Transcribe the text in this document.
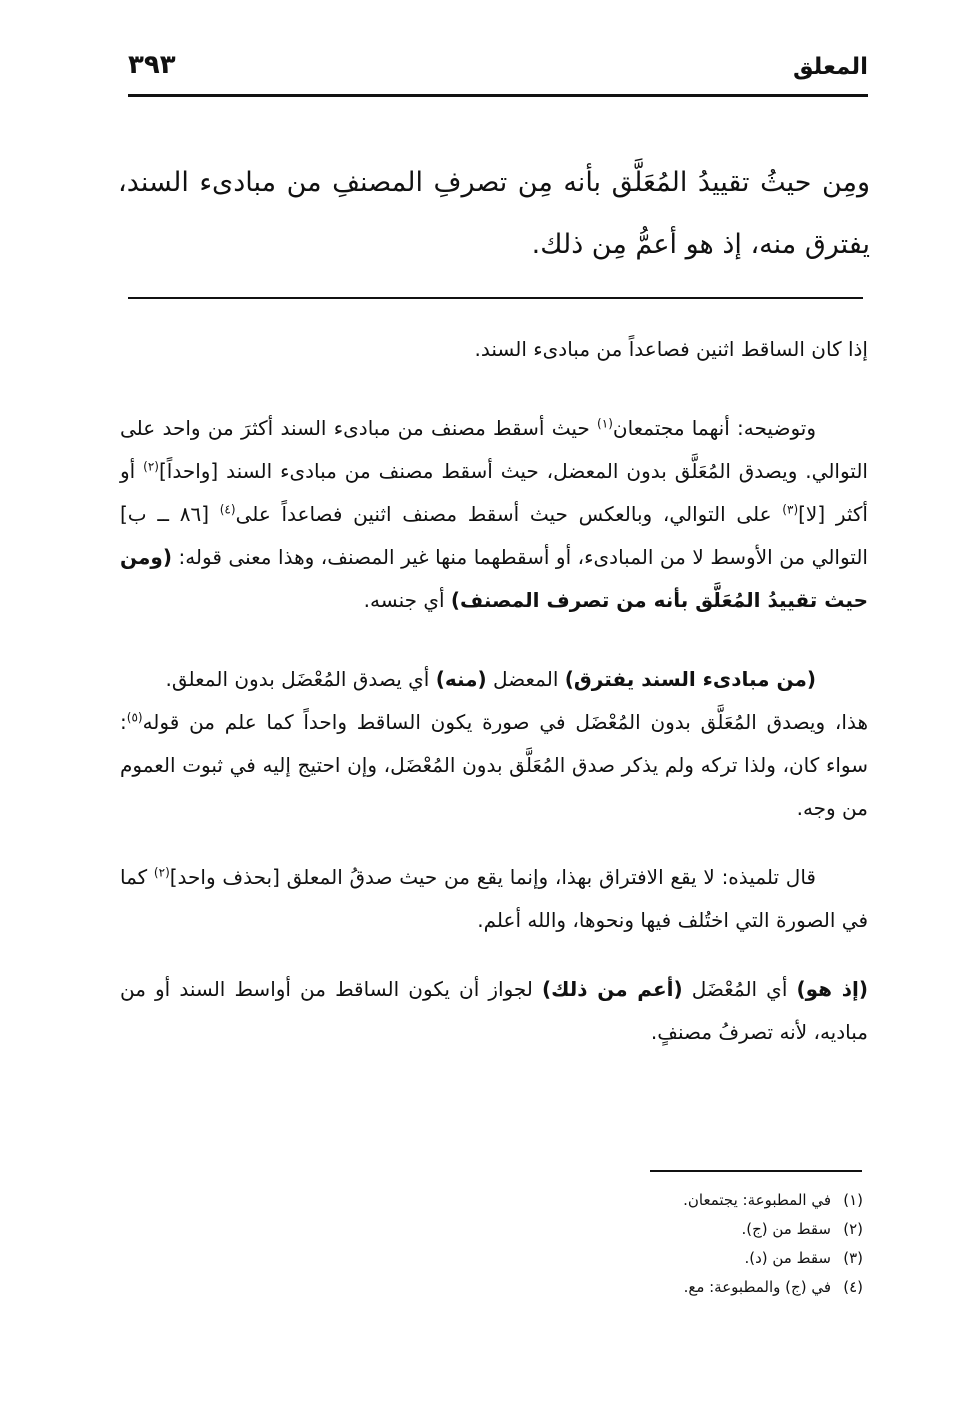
المعلق
٣٩٣

ومِن حيثُ تقييدُ المُعَلَّق بأنه مِن تصرفِ المصنفِ من مبادىء السند، يفترق منه، إذ هو أعمُّ مِن ذلك.

إذا كان الساقط اثنين فصاعداً من مبادىء السند.

وتوضيحه: أنهما مجتمعان$^{(١)}$ حيث أسقط مصنف من مبادىء السند أكثرَ من واحد على التوالي. ويصدق المُعَلَّق بدون المعضل، حيث أسقط مصنف من مبادىء السند [واحداً]$^{(٢)}$ أو أكثر [لا]$^{(٣)}$ على التوالي، وبالعكس حيث أسقط مصنف اثنين فصاعداً على$^{(٤)}$ [٨٦ ــ ب] التوالي من الأوسط لا من المبادىء، أو أسقطهما منها غير المصنف، وهذا معنى قوله: (ومن حيث تقييدُ المُعَلَّق بأنه من تصرف المصنف) أي جنسه.

(من مبادىء السند يفترق) المعضل (منه) أي يصدق المُعْضَل بدون المعلق.

هذا، ويصدق المُعَلَّق بدون المُعْضَل في صورة يكون الساقط واحداً كما علم من قوله$^{(٥)}$: سواء كان، ولذا تركه ولم يذكر صدق المُعَلَّق بدون المُعْضَل، وإن احتيج إليه في ثبوت العموم من وجه.

قال تلميذه: لا يقع الافتراق بهذا، وإنما يقع من حيث صدقُ المعلق [بحذف واحد]$^{(٢)}$ كما في الصورة التي اختُلف فيها ونحوها، والله أعلم.

(إذ هو) أي المُعْضَل (أعم من ذلك) لجواز أن يكون الساقط من أواسط السند أو من مباديه، لأنه تصرفُ مصنفٍ.

(١)
في المطبوعة: يجتمعان.
(٢)
سقط من (ج).
(٣)
سقط من (د).
(٤)
في (ج) والمطبوعة: مع.
